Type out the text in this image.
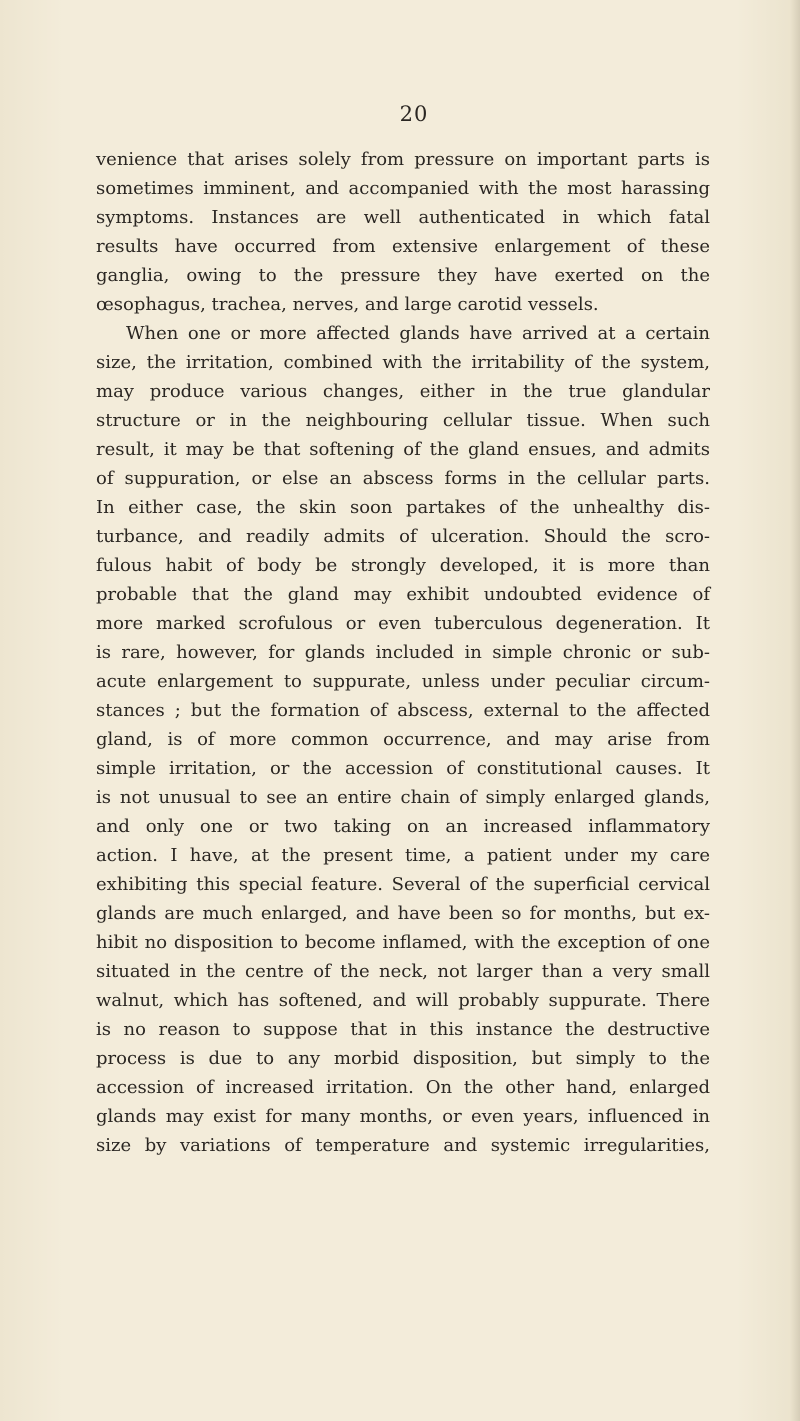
20
venience that arises solely from pressure on important parts is
sometimes imminent, and accompanied with the most harassing
symptoms. Instances are well authenticated in which fatal
results have occurred from extensive enlargement of these
ganglia, owing to the pressure they have exerted on the
œsophagus, trachea, nerves, and large carotid vessels.
When one or more affected glands have arrived at a certain
size, the irritation, combined with the irritability of the system,
may produce various changes, either in the true glandular
structure or in the neighbouring cellular tissue. When such
result, it may be that softening of the gland ensues, and admits
of suppuration, or else an abscess forms in the cellular parts.
In either case, the skin soon partakes of the unhealthy dis-
turbance, and readily admits of ulceration. Should the scro-
fulous habit of body be strongly developed, it is more than
probable that the gland may exhibit undoubted evidence of
more marked scrofulous or even tuberculous degeneration. It
is rare, however, for glands included in simple chronic or sub-
acute enlargement to suppurate, unless under peculiar circum-
stances ; but the formation of abscess, external to the affected
gland, is of more common occurrence, and may arise from
simple irritation, or the accession of constitutional causes. It
is not unusual to see an entire chain of simply enlarged glands,
and only one or two taking on an increased inflammatory
action. I have, at the present time, a patient under my care
exhibiting this special feature. Several of the superficial cervical
glands are much enlarged, and have been so for months, but ex-
hibit no disposition to become inflamed, with the exception of one
situated in the centre of the neck, not larger than a very small
walnut, which has softened, and will probably suppurate. There
is no reason to suppose that in this instance the destructive
process is due to any morbid disposition, but simply to the
accession of increased irritation. On the other hand, enlarged
glands may exist for many months, or even years, influenced in
size by variations of temperature and systemic irregularities,
